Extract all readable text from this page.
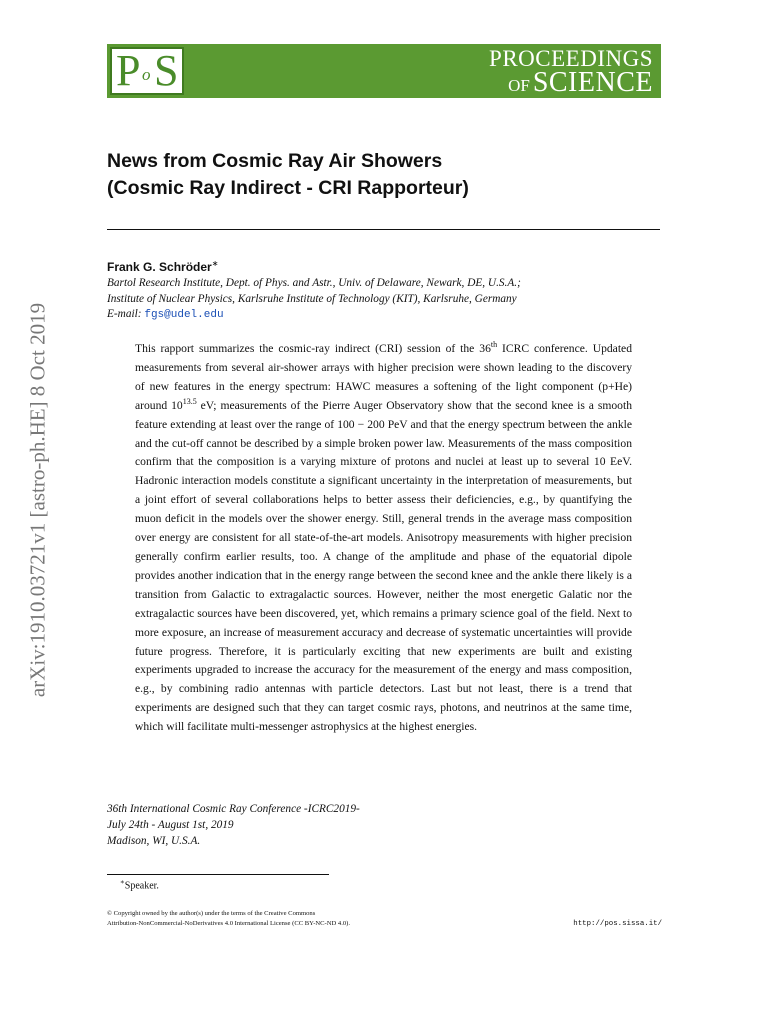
P o S	PROCEEDINGS
OF SCIENCE
News from Cosmic Ray Air Showers
(Cosmic Ray Indirect - CRI Rapporteur)
Frank G. Schröder∗

Bartol Research Institute, Dept. of Phys. and Astr., Univ. of Delaware, Newark, DE, U.S.A.;

Institute of Nuclear Physics, Karlsruhe Institute of Technology (KIT), Karlsruhe, Germany

E-mail: fgs@udel.edu

This rapport summarizes the cosmic-ray indirect (CRI) session of the 36th ICRC conference. Updated measurements from several air-shower arrays with higher precision were shown leading to the discovery of new features in the energy spectrum: HAWC measures a softening of the light component (p+He) around $10^{13.5}$ eV; measurements of the Pierre Auger Observatory show that the second knee is a smooth feature extending at least over the range of 100 − 200 PeV and that the energy spectrum between the ankle and the cut-off cannot be described by a simple broken power law. Measurements of the mass composition confirm that the composition is a varying mixture of protons and nuclei at least up to several 10 EeV. Hadronic interaction models constitute a significant uncertainty in the interpretation of measurements, but a joint effort of several collaborations helps to better assess their deficiencies, e.g., by quantifying the muon deficit in the models over the shower energy. Still, general trends in the average mass composition over energy are consistent for all state-of-the-art models. Anisotropy measurements with higher precision generally confirm earlier results, too. A change of the amplitude and phase of the equatorial dipole provides another indication that in the energy range between the second knee and the ankle there likely is a transition from Galactic to extragalactic sources. However, neither the most energetic Galatic nor the extragalactic sources have been discovered, yet, which remains a primary science goal of the field. Next to more exposure, an increase of measurement accuracy and decrease of systematic uncertainties will provide future progress. Therefore, it is particularly exciting that new experiments are built and existing experiments upgraded to increase the accuracy for the measurement of the energy and mass composition, e.g., by combining radio antennas with particle detectors. Last but not least, there is a trend that experiments are designed such that they can target cosmic rays, photons, and neutrinos at the same time, which will facilitate multi-messenger astrophysics at the highest energies.

36th International Cosmic Ray Conference -ICRC2019-

July 24th - August 1st, 2019

Madison, WI, U.S.A.

∗Speaker.

© Copyright owned by the author(s) under the terms of the Creative Commons

Attribution-NonCommercial-NoDerivatives 4.0 International License (CC BY-NC-ND 4.0).	http://pos.sissa.it/
arXiv:1910.03721v1 [astro-ph.HE] 8 Oct 2019
